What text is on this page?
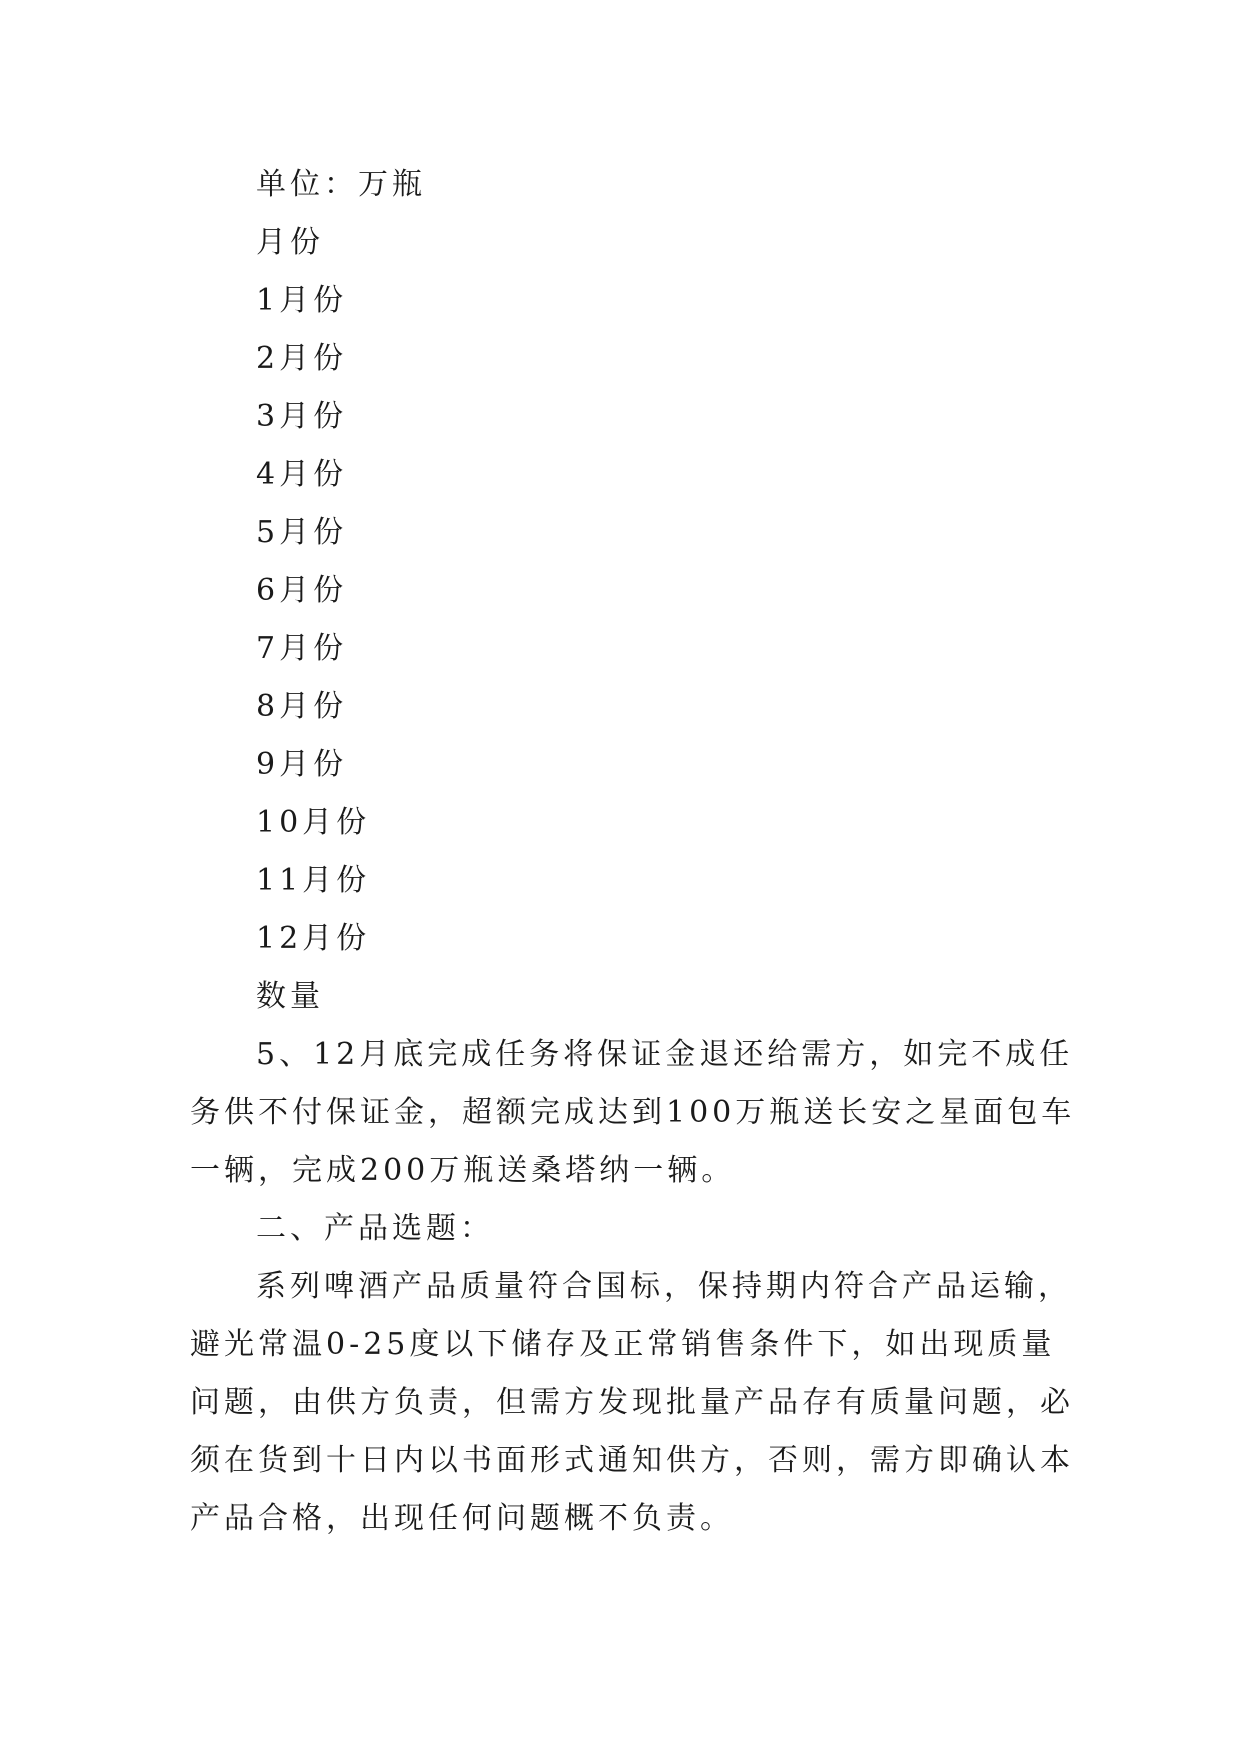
单位：万瓶
月份
1月份
2月份
3月份
4月份
5月份
6月份
7月份
8月份
9月份
10月份
11月份
12月份
数量
5、12月底完成任务将保证金退还给需方，如完不成任
务供不付保证金，超额完成达到100万瓶送长安之星面包车
一辆，完成200万瓶送桑塔纳一辆。
二、产品选题：
系列啤酒产品质量符合国标，保持期内符合产品运输，
避光常温0-25度以下储存及正常销售条件下，如出现质量
问题，由供方负责，但需方发现批量产品存有质量问题，必
须在货到十日内以书面形式通知供方，否则，需方即确认本
产品合格，出现任何问题概不负责。
